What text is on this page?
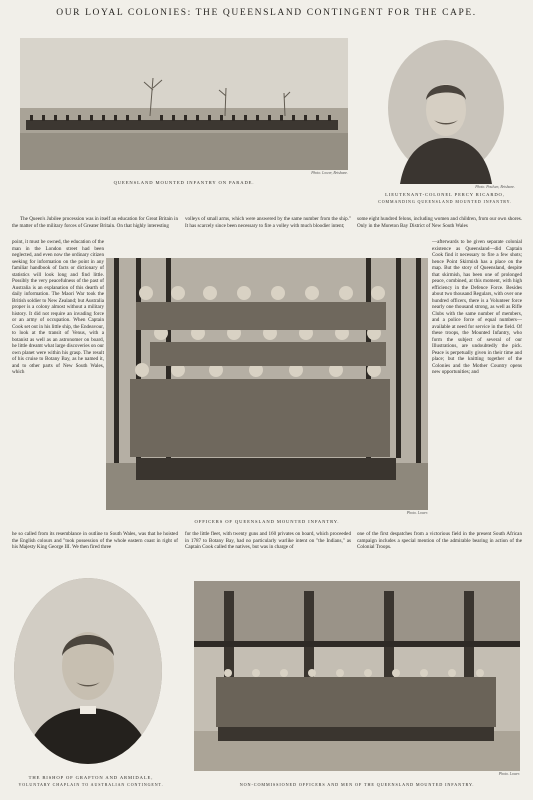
OUR LOYAL COLONIES: THE QUEENSLAND CONTINGENT FOR THE CAPE.
Photo. Lower, Brisbane.
QUEENSLAND MOUNTED INFANTRY ON PARADE.
Photo. Poulsen, Brisbane.
LIEUTENANT-COLONEL PERCY RICARDO,
COMMANDING QUEENSLAND MOUNTED INFANTRY.

The Queen's Jubilee procession was in itself an education for Great Britain in the matter of the military forces of Greater Britain. On that highly interesting

point, it must be owned, the education of the man in the London street had been neglected, and even now the ordinary citizen seeking for information on the point in any familiar handbook of facts or dictionary of statistics will look long and find little. Possibly the very peacefulness of the past of Australia is an explanation of this dearth of daily information. The Maori War took the British soldier to New Zealand; but Australia proper is a colony almost without a military history. It did not require an invading force or an army of occupation. When Captain Cook set out in his little ship, the Endeavour, to look at the transit of Venus, with a botanist as well as an astronomer on board, he little dreamt what large discoveries on our own planet were within his grasp. The result of his cruise to Botany Bay, as he named it, and to other parts of New South Wales, which

volleys of small arms, which were answered by the same number from the ship." It has scarcely since been necessary to fire a volley with much bloodier intent;

some eight hundred felons, including women and children, from our own shores. Only in the Moreton Bay District of New South Wales

—afterwards to be given separate colonial existence as Queensland—did Captain Cook find it necessary to fire a few shots; hence Point Skirmish has a place on the map. But the story of Queensland, despite that skirmish, has been one of prolonged peace, combined, at this moment, with high efficiency in the Defence Force. Besides about two thousand Regulars, with over one hundred officers, there is a Volunteer force nearly one thousand strong, as well as Rifle Clubs with the same number of members, and a police force of equal numbers—available at need for service in the field. Of these troops, the Mounted Infantry, who form the subject of several of our Illustrations, are undoubtedly the pick. Peace is perpetually given in their time and place; but the knitting together of the Colonies and the Mother Country opens new opportunities; and

Photo. Lower.
OFFICERS OF QUEENSLAND MOUNTED INFANTRY.

he so called from its resemblance in outline to South Wales, was that he hoisted the English colours and "took possession of the whole eastern coast in right of his Majesty King George III. We then fired three

for the little fleet, with twenty guns and 160 privates on board, which proceeded in 1787 to Botany Bay, had no particularly warlike intent on "the Indians," as Captain Cook called the natives, but was in charge of

one of the first despatches from a victorious field in the present South African campaign includes a special mention of the admirable bearing in action of the Colonial Troops.

THE BISHOP OF GRAFTON AND ARMIDALE,
VOLUNTARY CHAPLAIN TO AUSTRALIAN CONTINGENT.
Photo. Lower.
NON-COMMISSIONED OFFICERS AND MEN OF THE QUEENSLAND MOUNTED INFANTRY.
